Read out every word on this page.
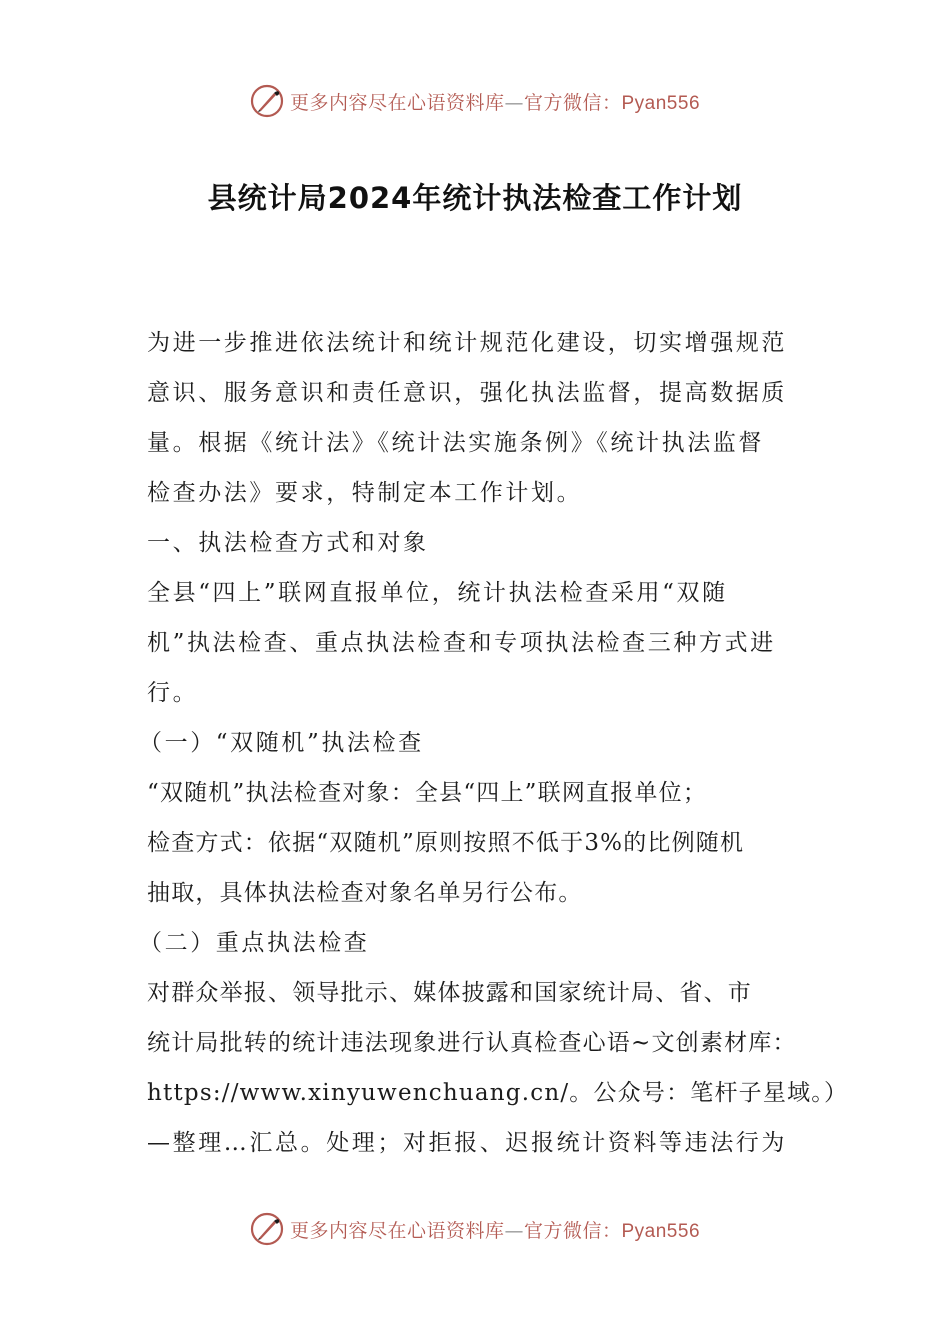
更多内容尽在心语资料库—官方微信：Pyan556
县统计局2024年统计执法检查工作计划
为进一步推进依法统计和统计规范化建设，切实增强规范
意识、服务意识和责任意识，强化执法监督，提高数据质
量。根据《统计法》《统计法实施条例》《统计执法监督
检查办法》要求，特制定本工作计划。
一、执法检查方式和对象
全县“四上”联网直报单位，统计执法检查采用“双随
机”执法检查、重点执法检查和专项执法检查三种方式进
行。
（一）“双随机”执法检查
“双随机”执法检查对象：全县“四上”联网直报单位；
检查方式：依据“双随机”原则按照不低于3%的比例随机
抽取，具体执法检查对象名单另行公布。
（二）重点执法检查
对群众举报、领导批示、媒体披露和国家统计局、省、市
统计局批转的统计违法现象进行认真检查心语~文创素材库：
https://www.xinyuwenchuang.cn/。公众号：笔杆子星域。）
—整理…汇总。处理；对拒报、迟报统计资料等违法行为
更多内容尽在心语资料库—官方微信：Pyan556
